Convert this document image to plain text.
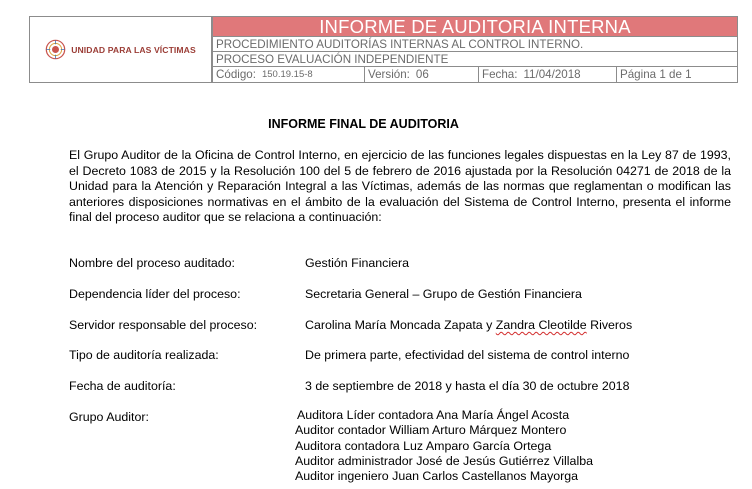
UNIDAD PARA LAS VÍCTIMAS
INFORME DE AUDITORIA INTERNA
PROCEDIMIENTO AUDITORÍAS INTERNAS AL CONTROL INTERNO.
PROCESO EVALUACIÓN INDEPENDIENTE
Código: 150.19.15-8	Versión: 06	Fecha: 11/04/2018	Página 1 de 1
INFORME FINAL DE AUDITORIA
El Grupo Auditor de la Oficina de Control Interno, en ejercicio de las funciones legales dispuestas en la Ley 87 de 1993, el Decreto 1083 de 2015 y la Resolución 100 del 5 de febrero de 2016 ajustada por la Resolución 04271 de 2018 de la Unidad para la Atención y Reparación Integral a las Víctimas, además de las normas que reglamentan o modifican las anteriores disposiciones normativas en el ámbito de la evaluación del Sistema de Control Interno, presenta el informe final del proceso auditor que se relaciona a continuación:
Nombre del proceso auditado:	Gestión Financiera
Dependencia líder del proceso:	Secretaria General – Grupo de Gestión Financiera
Servidor responsable del proceso:	Carolina María Moncada Zapata y Zandra Cleotilde Riveros
Tipo de auditoría realizada:	De primera parte, efectividad del sistema de control interno
Fecha de auditoría:	3 de septiembre de 2018 y hasta el día 30 de octubre 2018
Grupo Auditor:	Auditora Líder contadora Ana María Ángel Acosta
Auditor contador William Arturo Márquez Montero
Auditora contadora Luz Amparo García Ortega
Auditor administrador José de Jesús Gutiérrez Villalba
Auditor ingeniero Juan Carlos Castellanos Mayorga
